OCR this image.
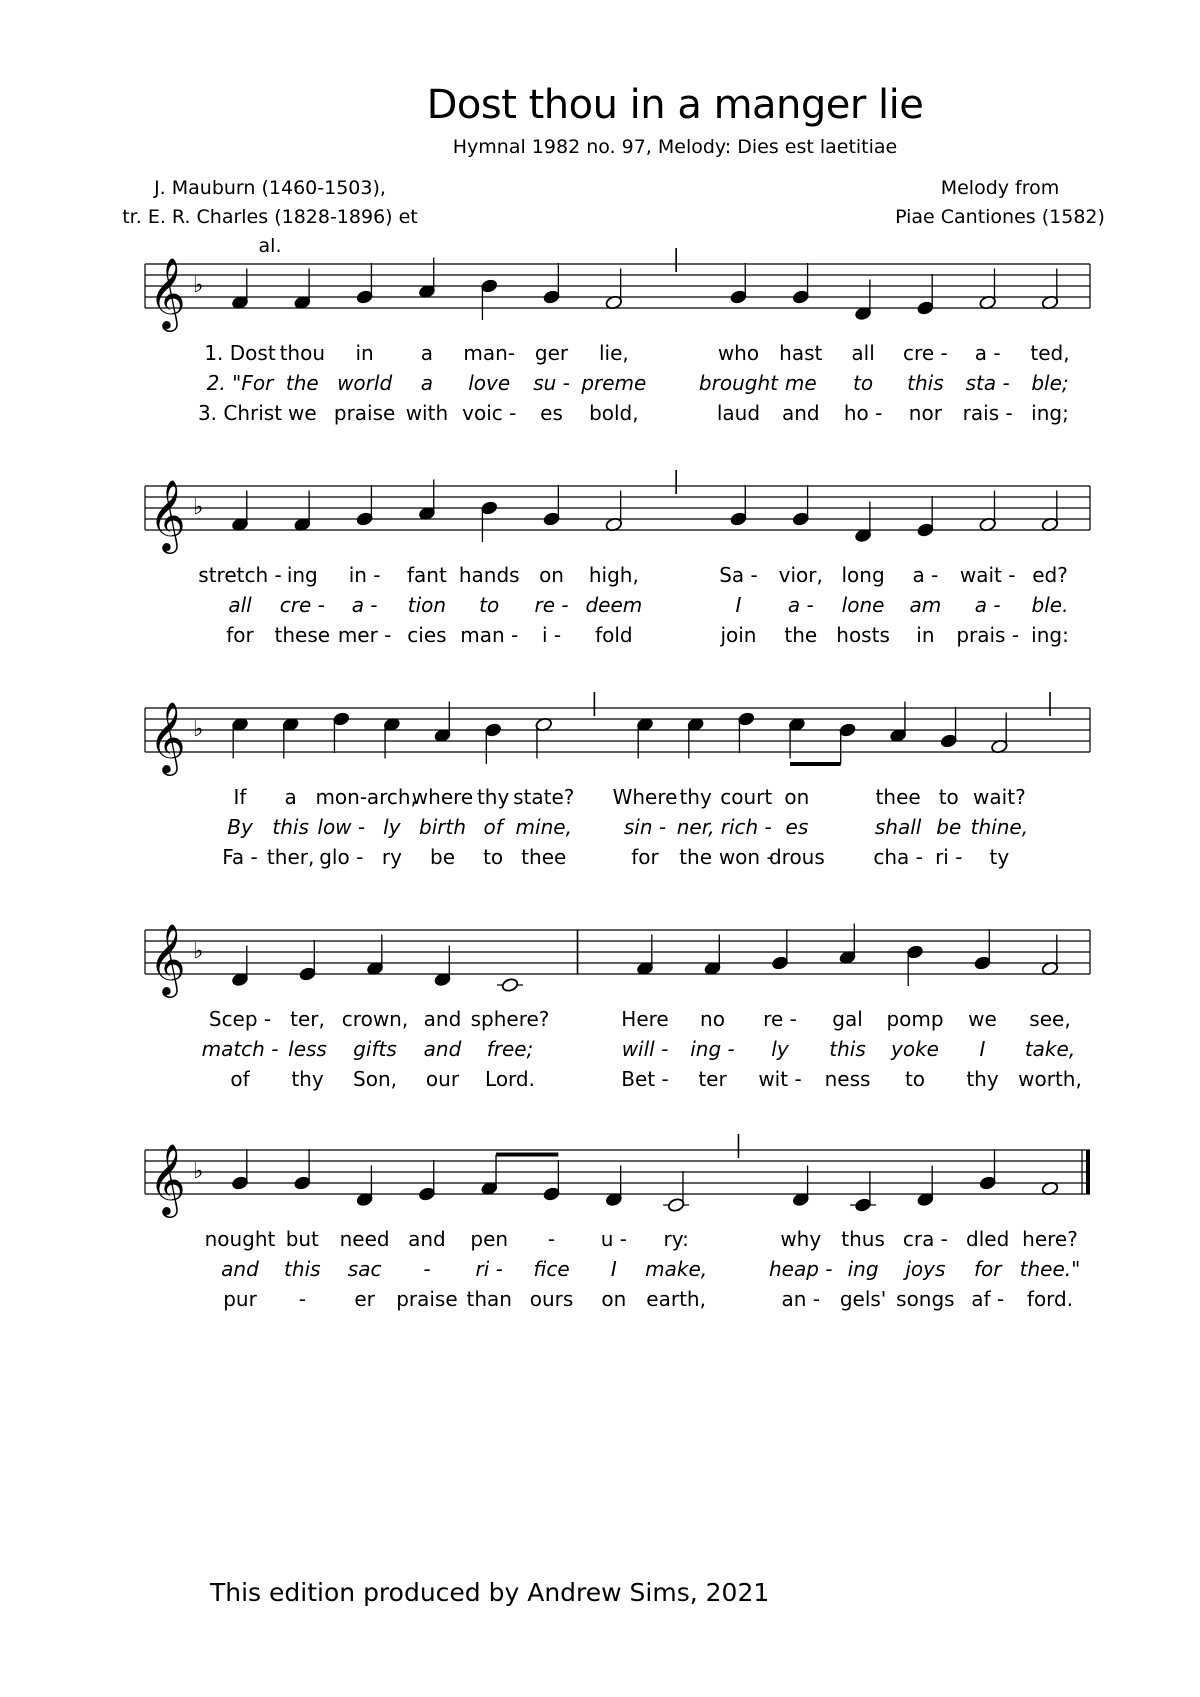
Dost thou in a manger lie
Hymnal 1982 no. 97, Melody: Dies est laetitiae
J. Mauburn (1460-1503),
tr. E. R. Charles (1828-1896) et al.
Melody from
Piae Cantiones (1582)
𝄞 ♭
1. Dost thou in a man- ger lie,	who hast all cre - a - ted,
2. "For the world a love su - preme	brought me to this sta - ble;
3. Christ we praise with voic - es bold,	laud and ho - nor rais - ing;
𝄞 ♭
stretch - ing in - fant hands on high,	Sa - vior, long a - wait - ed?
all cre - a - tion to re - deem	I a - lone am a - ble.
for these mer - cies man - i - fold	join the hosts in prais - ing:
𝄞 ♭
If a mon- arch,
where thy state? Where thy court on	thee to wait?
By this low - ly birth of mine,	sin - ner, rich - es	shall be thine,
Fa - ther, glo - ry be to thee	for the won -
drous cha - ri - ty
𝄞 ♭
Scep - ter, crown, and sphere?	Here no re - gal pomp we see,
match - less gifts and free;	will - ing - ly this yoke I take,
of thy Son, our Lord.	Bet - ter wit - ness to thy worth,
𝄞 ♭
nought but need and pen - u - ry:	why thus cra - dled here?
and this sac - ri - fice I make,	heap - ing joys for thee."
pur - er praise than ours on earth,	an - gels' songs af - ford.
This edition produced by Andrew Sims, 2021
